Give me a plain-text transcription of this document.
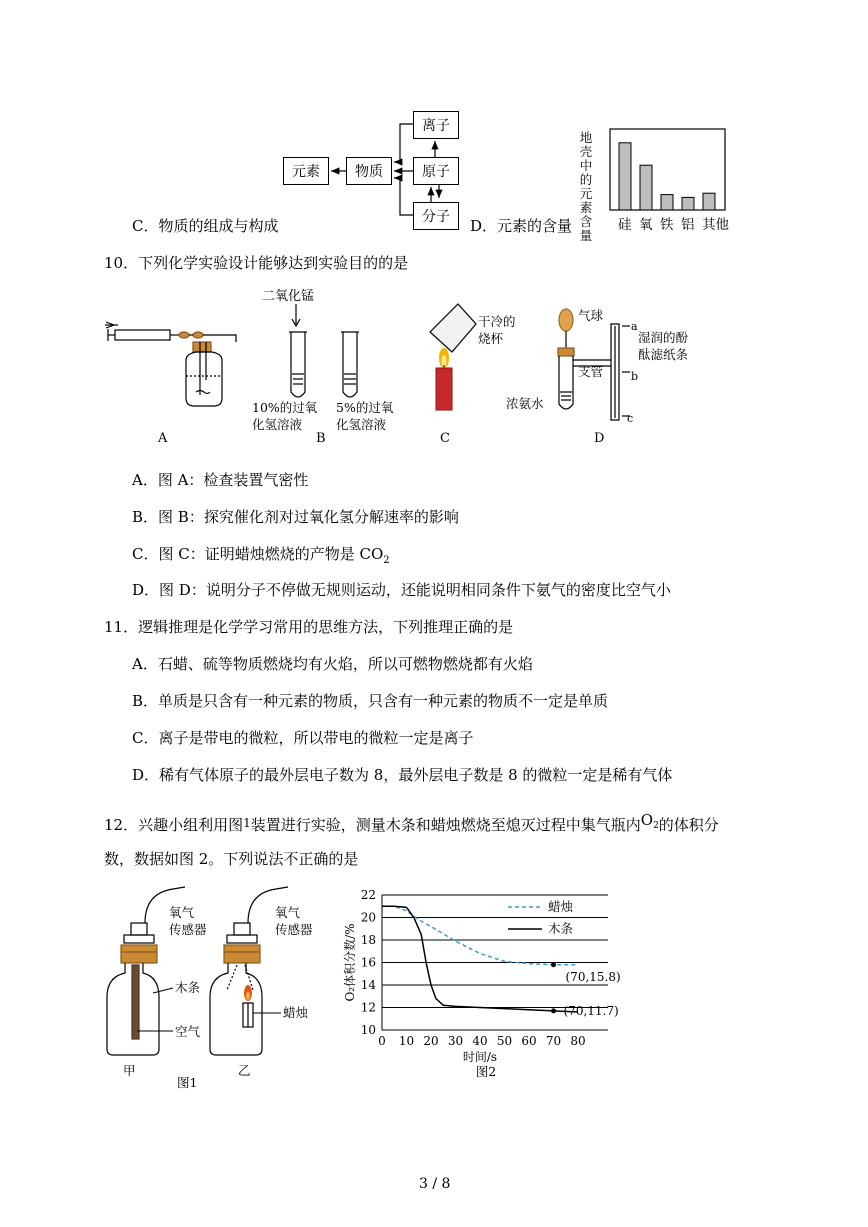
元素	物质
离子
原子
分子
C．物质的组成与构成	D．元素的含量
地
壳
中
的
元
素
含
量
硅 氧 铁 铝 其他
10．下列化学实验设计能够达到实验目的的是
A
二氧化锰
10%的过氧
化氢溶液
5%的过氧
化氢溶液
B
干冷的
烧杯
C
气球
支管
浓氨水
湿润的酚
酞滤纸条
a
b
c
D
A．图 A：检查装置气密性
B．图 B：探究催化剂对过氧化氢分解速率的影响
C．图 C：证明蜡烛燃烧的产物是 $CO_2$
D．图 D：说明分子不停做无规则运动，还能说明相同条件下氨气的密度比空气小
11．逻辑推理是化学学习常用的思维方法，下列推理正确的是
A．石蜡、硫等物质燃烧均有火焰，所以可燃物燃烧都有火焰
B．单质是只含有一种元素的物质，只含有一种元素的物质不一定是单质
C．离子是带电的微粒，所以带电的微粒一定是离子
D．稀有气体原子的最外层电子数为 8，最外层电子数是 8 的微粒一定是稀有气体
12．兴趣小组利用图$^1$装置进行实验，测量木条和蜡烛燃烧至熄灭过程中集气瓶内$O_2$的体积分
数，数据如图 2。下列说法不正确的是
氧气
传感器
氧气
传感器
木条
空气
蜡烛
甲	乙
图1
10
12
14
16
18
20
22
0 10 20 30 40 50 60 70 80
时间/s
O₂体积分数/%
蜡烛
木条
(70,15.8)
(70,11.7)
图2
3 / 8
